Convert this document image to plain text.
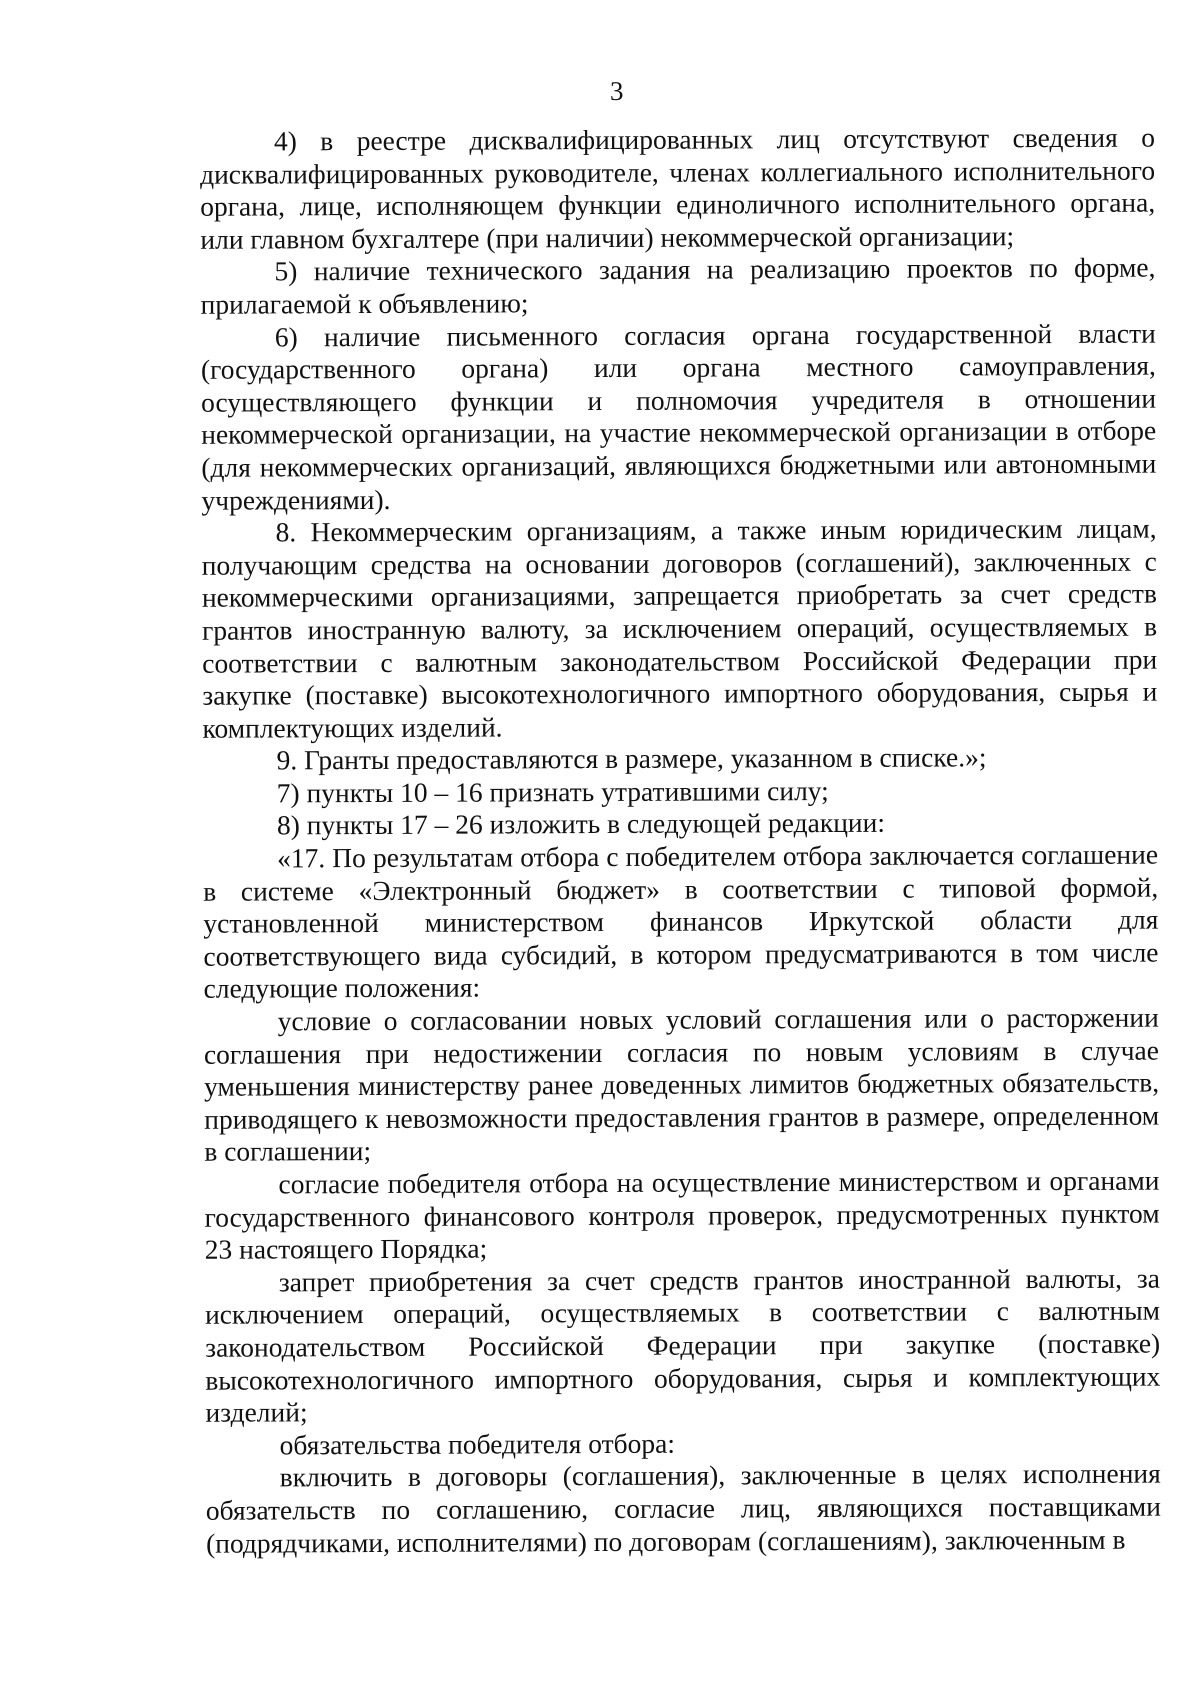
3

4) в реестре дисквалифицированных лиц отсутствуют сведения о дисквалифицированных руководителе, членах коллегиального исполнительного органа, лице, исполняющем функции единоличного исполнительного органа, или главном бухгалтере (при наличии) некоммерческой организации;

5) наличие технического задания на реализацию проектов по форме, прилагаемой к объявлению;

6) наличие письменного согласия органа государственной власти (государственного органа) или органа местного самоуправления, осуществляющего функции и полномочия учредителя в отношении некоммерческой организации, на участие некоммерческой организации в отборе (для некоммерческих организаций, являющихся бюджетными или автономными учреждениями).

8. Некоммерческим организациям, а также иным юридическим лицам, получающим средства на основании договоров (соглашений), заключенных с некоммерческими организациями, запрещается приобретать за счет средств грантов иностранную валюту, за исключением операций, осуществляемых в соответствии с валютным законодательством Российской Федерации при закупке (поставке) высокотехнологичного импортного оборудования, сырья и комплектующих изделий.

9. Гранты предоставляются в размере, указанном в списке.»;

7) пункты 10 – 16 признать утратившими силу;

8) пункты 17 – 26 изложить в следующей редакции:

«17. По результатам отбора с победителем отбора заключается соглашение в системе «Электронный бюджет» в соответствии с типовой формой, установленной министерством финансов Иркутской области для соответствующего вида субсидий, в котором предусматриваются в том числе следующие положения:

условие о согласовании новых условий соглашения или о расторжении соглашения при недостижении согласия по новым условиям в случае уменьшения министерству ранее доведенных лимитов бюджетных обязательств, приводящего к невозможности предоставления грантов в размере, определенном в соглашении;

согласие победителя отбора на осуществление министерством и органами государственного финансового контроля проверок, предусмотренных пунктом 23 настоящего Порядка;

запрет приобретения за счет средств грантов иностранной валюты, за исключением операций, осуществляемых в соответствии с валютным законодательством Российской Федерации при закупке (поставке) высокотехнологичного импортного оборудования, сырья и комплектующих изделий;

обязательства победителя отбора:

включить в договоры (соглашения), заключенные в целях исполнения обязательств по соглашению, согласие лиц, являющихся поставщиками (подрядчиками, исполнителями) по договорам (соглашениям), заключенным в
